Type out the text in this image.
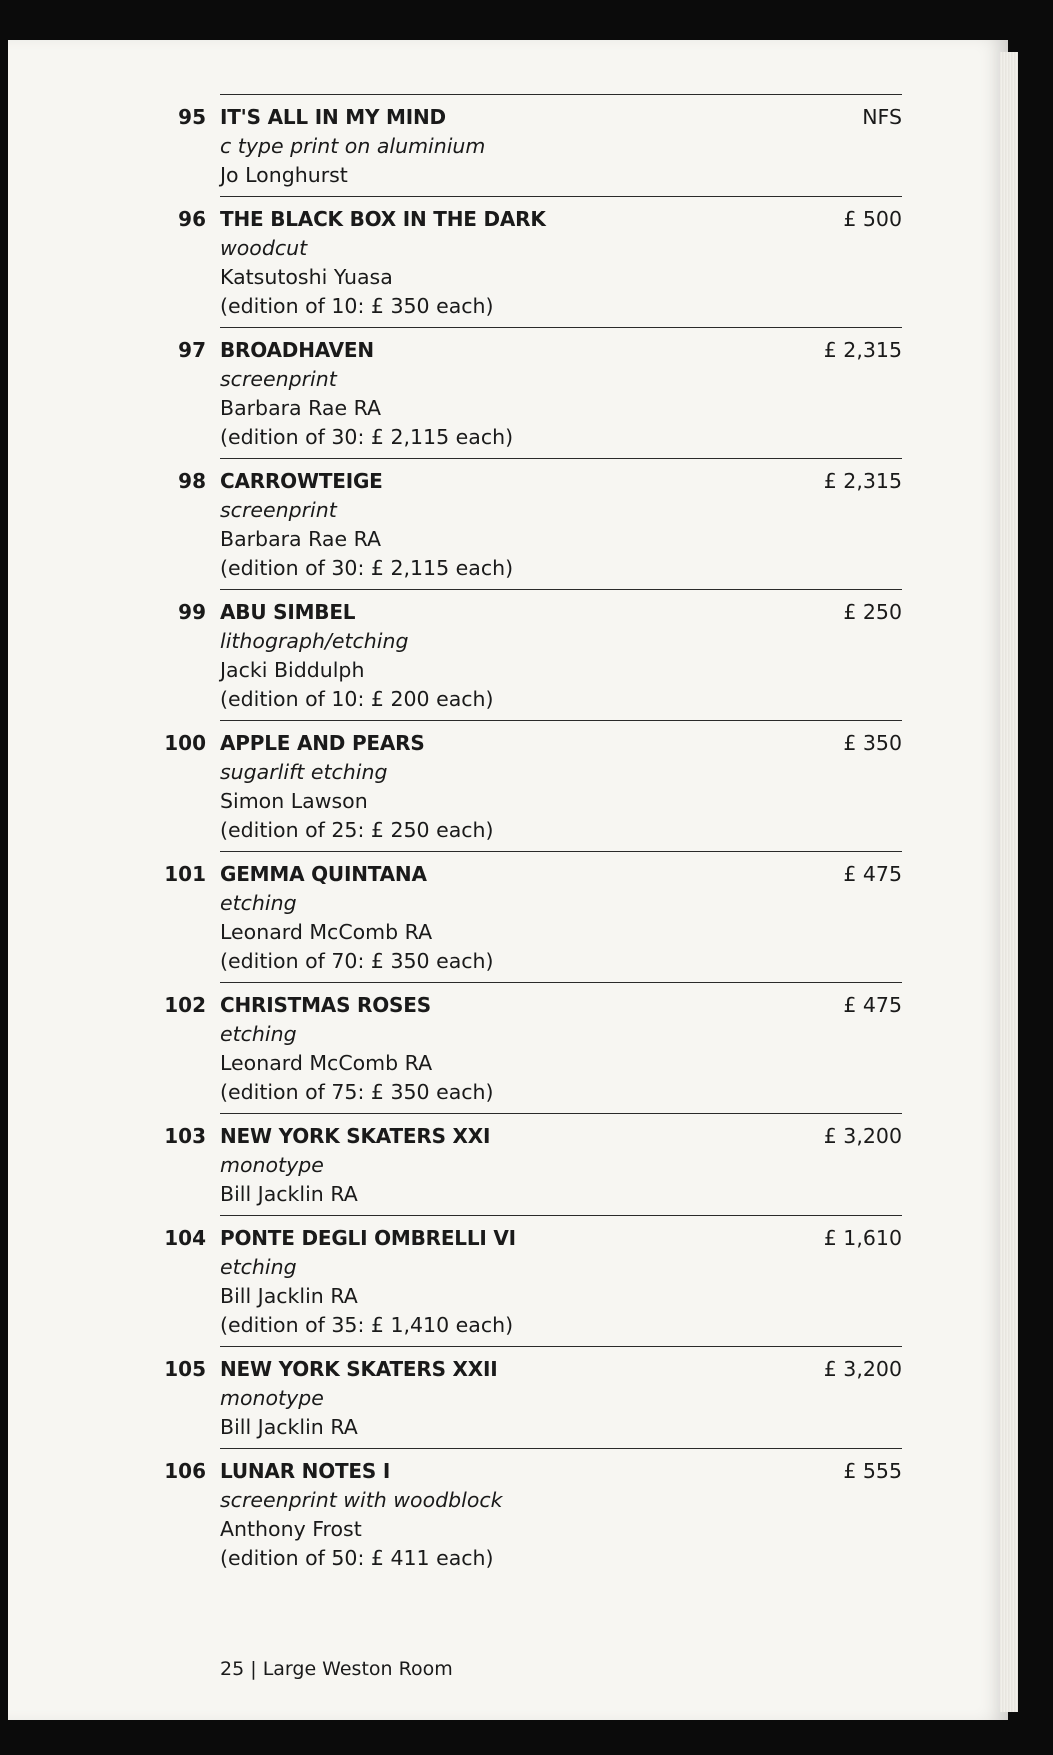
95 IT'S ALL IN MY MIND
c type print on aluminium
Jo Longhurst
NFS
96 THE BLACK BOX IN THE DARK
woodcut
Katsutoshi Yuasa
(edition of 10: £ 350 each)
£ 500
97 BROADHAVEN
screenprint
Barbara Rae RA
(edition of 30: £ 2,115 each)
£ 2,315
98 CARROWTEIGE
screenprint
Barbara Rae RA
(edition of 30: £ 2,115 each)
£ 2,315
99 ABU SIMBEL
lithograph/etching
Jacki Biddulph
(edition of 10: £ 200 each)
£ 250
100 APPLE AND PEARS
sugarlift etching
Simon Lawson
(edition of 25: £ 250 each)
£ 350
101 GEMMA QUINTANA
etching
Leonard McComb RA
(edition of 70: £ 350 each)
£ 475
102 CHRISTMAS ROSES
etching
Leonard McComb RA
(edition of 75: £ 350 each)
£ 475
103 NEW YORK SKATERS XXI
monotype
Bill Jacklin RA
£ 3,200
104 PONTE DEGLI OMBRELLI VI
etching
Bill Jacklin RA
(edition of 35: £ 1,410 each)
£ 1,610
105 NEW YORK SKATERS XXII
monotype
Bill Jacklin RA
£ 3,200
106 LUNAR NOTES I
screenprint with woodblock
Anthony Frost
(edition of 50: £ 411 each)
£ 555
25 | Large Weston Room
